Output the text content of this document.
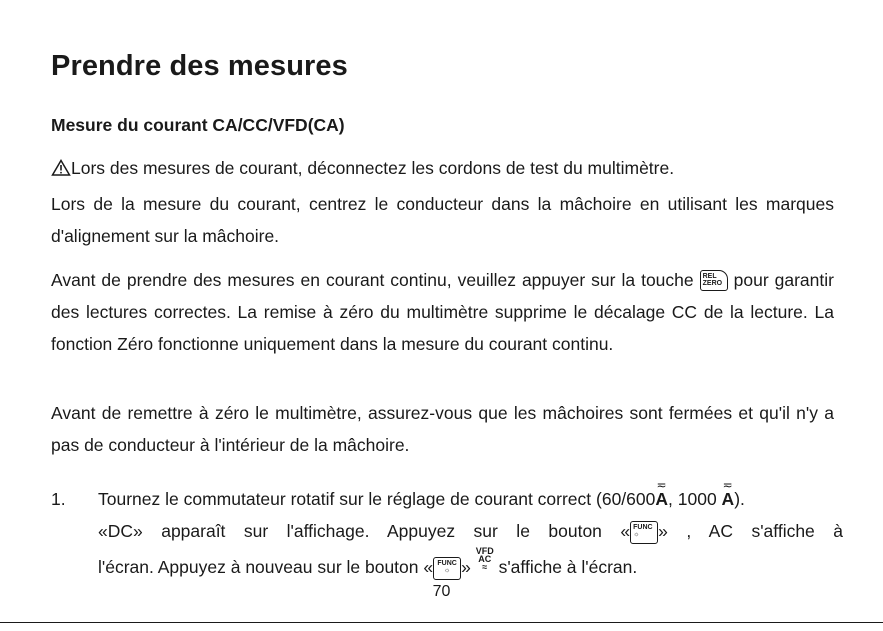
Prendre des mesures
Mesure du courant CA/CC/VFD(CA)

Lors des mesures de courant, déconnectez les cordons de test du multimètre.

Lors de la mesure du courant, centrez le conducteur dans la mâchoire en utilisant les marques d'alignement sur la mâchoire.

Avant de prendre des mesures en courant continu, veuillez appuyer sur la touche REL
ZERO pour garantir des lectures correctes. La remise à zéro du multimètre supprime le décalage CC de la lecture. La fonction Zéro fonctionne uniquement dans la mesure du courant continu.

Avant de remettre à zéro le multimètre, assurez-vous que les mâchoires sont fermées et qu'il n'y a pas de conducteur à l'intérieur de la mâchoire.

1. Tournez le commutateur rotatif sur le réglage de courant correct (60/600
≂
A, 1000
≂
A).
«DC» apparaît sur l'affichage. Appuyez sur le bouton « FUNC
☼	» , AC s'affiche à
l'écran. Appuyez à nouveau sur le bouton « FUNC
☼ »
VFD
AC
≈ s'affiche à l'écran.

70
